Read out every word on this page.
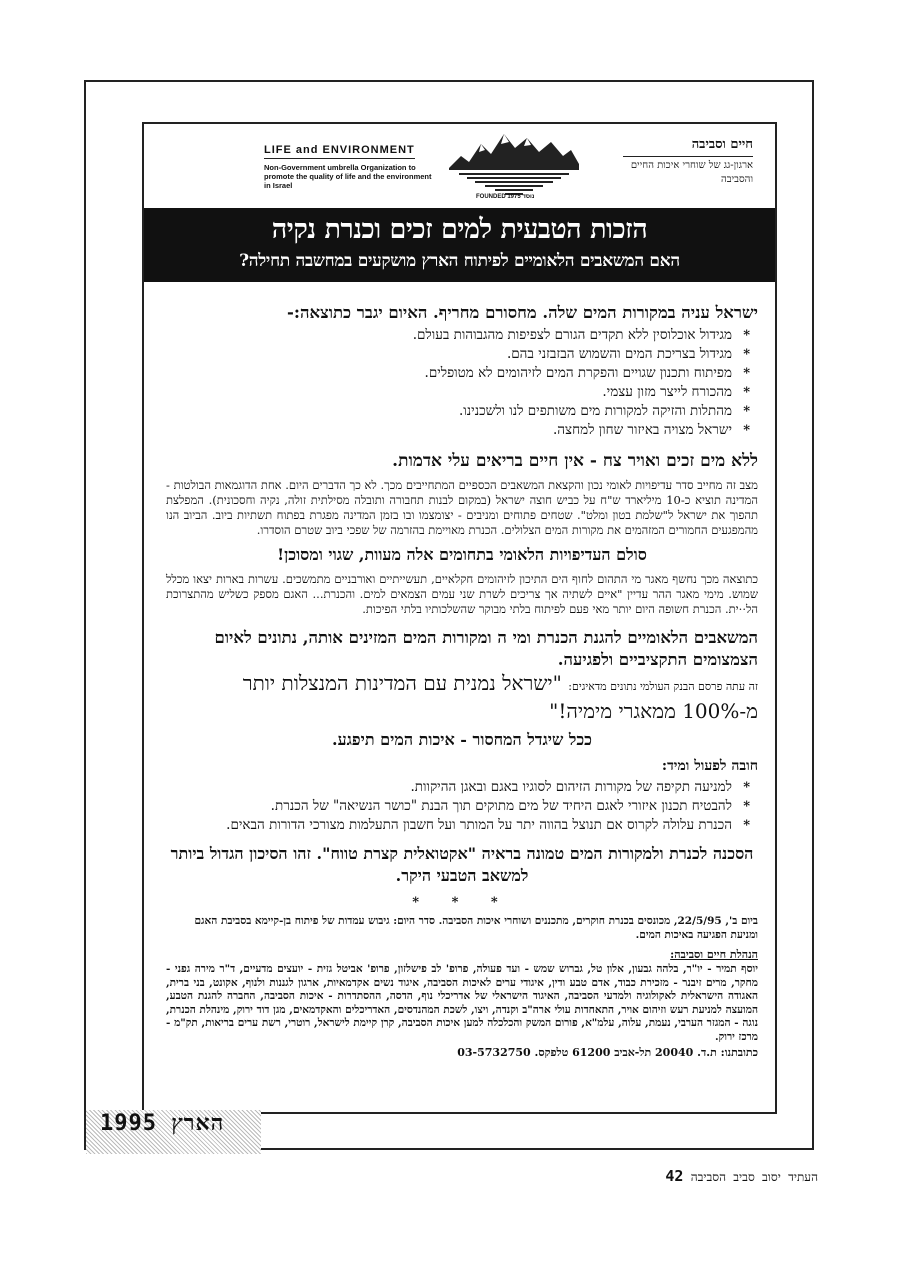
LIFE and ENVIRONMENT
Non-Government umbrella Organization to promote the quality of life and the environment in Israel
FOUNDED 1975 נוסד
חיים וסביבה
ארגון-גג של שוחרי איכות החיים והסביבה
הזכות הטבעית למים זכים וכנרת נקיה
האם המשאבים הלאומיים לפיתוח הארץ מושקעים במחשבה תחילה?
ישראל עניה במקורות המים שלה. מחסורם מחריף. האיום יגבר כתוצאה:-
* מגידול אוכלוסין ללא תקדים הגורם לצפיפות מהגבוהות בעולם.
* מגידול בצריכת המים והשמוש הבזבזני בהם.
* מפיתוח ותכנון שגויים והפקרת המים לזיהומים לא מטופלים.
* מהכורח לייצר מזון עצמי.
* מהתלות והזיקה למקורות מים משותפים לנו ולשכנינו.
* ישראל מצויה באיזור שחון למחצה.
ללא מים זכים ואויר צח - אין חיים בריאים עלי אדמות.

מצב זה מחייב סדר עדיפויות לאומי נכון והקצאת המשאבים הכספיים המתחייבים מכך. לא כך הדברים היום. אחת הדוגמאות הבולטות - המדינה תוציא כ-10 מיליארד ש"ח על כביש חוצה ישראל (במקום לבנות תחבורה ותובלה מסילתית זולה, נקיה וחסכונית). המפלצת תהפוך את ישראל ל"שלמת בטון ומלט". שטחים פתוחים ומניבים - יצומצמו ובו בזמן המדינה מפגרת בפתוח תשתיות ביוב. הביוב הנו מהמפגעים החמורים המזהמים את מקורות המים הצלולים. הכנרת מאויימת בהזרמה של שפכי ביוב שטרם הוסדרו.

סולם העדיפויות הלאומי בתחומים אלה מעוות, שגוי ומסוכן!

כתוצאה מכך נחשף מאגר מי התהום לחוף הים התיכון לזיהומים חקלאיים, תעשייתיים ואורבניים מתמשכים. עשרות בארות יצאו מכלל שמוש. מימי מאגר ההר עדיין "איים לשתיה אך צריכים לשרת שני עמים הצמאים למים. והכנרת... האגם מספק כשליש מהתצרוכת הל··ית. הכנרת חשופה היום יותר מאי פעם לפיתוח בלתי מבוקר שהשלכותיו בלתי הפיכות.

המשאבים הלאומיים להגנת הכנרת ומי ה ומקורות המים המזינים אותה, נתונים לאיום הצמצומים התקציביים ולפגיעה.

זה עתה פרסם הבנק העולמי נתונים מדאיגים: "ישראל נמנית עם המדינות המנצלות יותר מ-100% ממאגרי מימיה!"

ככל שיגדל המחסור - איכות המים תיפגע.
חובה לפעול ומיד:
* למניעה תקיפה של מקורות הזיהום לסוגיו באגם ובאגן ההיקוות.
* להבטיח תכנון איזורי לאגם היחיד של מים מתוקים תוך הבנת "כושר הנשיאה" של הכנרת.
* הכנרת עלולה לקרוס אם תנוצל בהווה יתר על המותר ועל חשבון התעלמות מצורכי הדורות הבאים.
הסכנה לכנרת ולמקורות המים טמונה בראיה "אקטואלית קצרת טווח". זהו הסיכון הגדול ביותר למשאב הטבעי היקר.
* * *
ביום ב', 22/5/95, מכונסים בכנרת חוקרים, מתכננים ושוחרי איכות הסביבה. סדר היום: גיבוש עמדות של פיתוח בן-קיימא בסביבת האגם ומניעת הפגיעה באיכות המים.
הנהלת חיים וסביבה:

יוסף תמיר - יו"ר, בלהה גבעון, אלון טל, גברוש שמש - ועד פעולה, פרופ' לב פישלזון, פרופ' אביטל גזית - יועצים מדעיים, ד"ר מירה גפני - מחקר, מרים זיבנר - מזכירת כבוד, אדם טבע ודין, איגודי ערים לאיכות הסביבה, איגוד נשים אקדמאיות, ארגון לגננות ולנוף, אקונט, בני ברית, האגודה הישראלית לאקולוגיה ולמדעי הסביבה, האיגוד הישראלי של אדריכלי נוף, הדסה, ההסתדרות - איכות הסביבה, החברה להגנת הטבע, המועצה למניעת רעש וזיהום אויר, התאחדות עולי ארה"ב וקנדה, ויצו, לשכת המהנדסים, האדריכלים והאקדמאים, מגן דוד ירוק, מינהלת הכנרת, נוגה - המגזר הערבי, נעמת, עלוה, עלמ"א, פורום המשק והכלכלה למען איכות הסביבה, קרן קיימת לישראל, רוטרי, רשת ערים בריאות, תק"מ - מרכז ירוק.

כתובתנו: ת.ד. 20040 תל-אביב 61200 טלפקס. 03-5732750
1995 הארץ
העתיד יסוב סביב הסביבה 42
